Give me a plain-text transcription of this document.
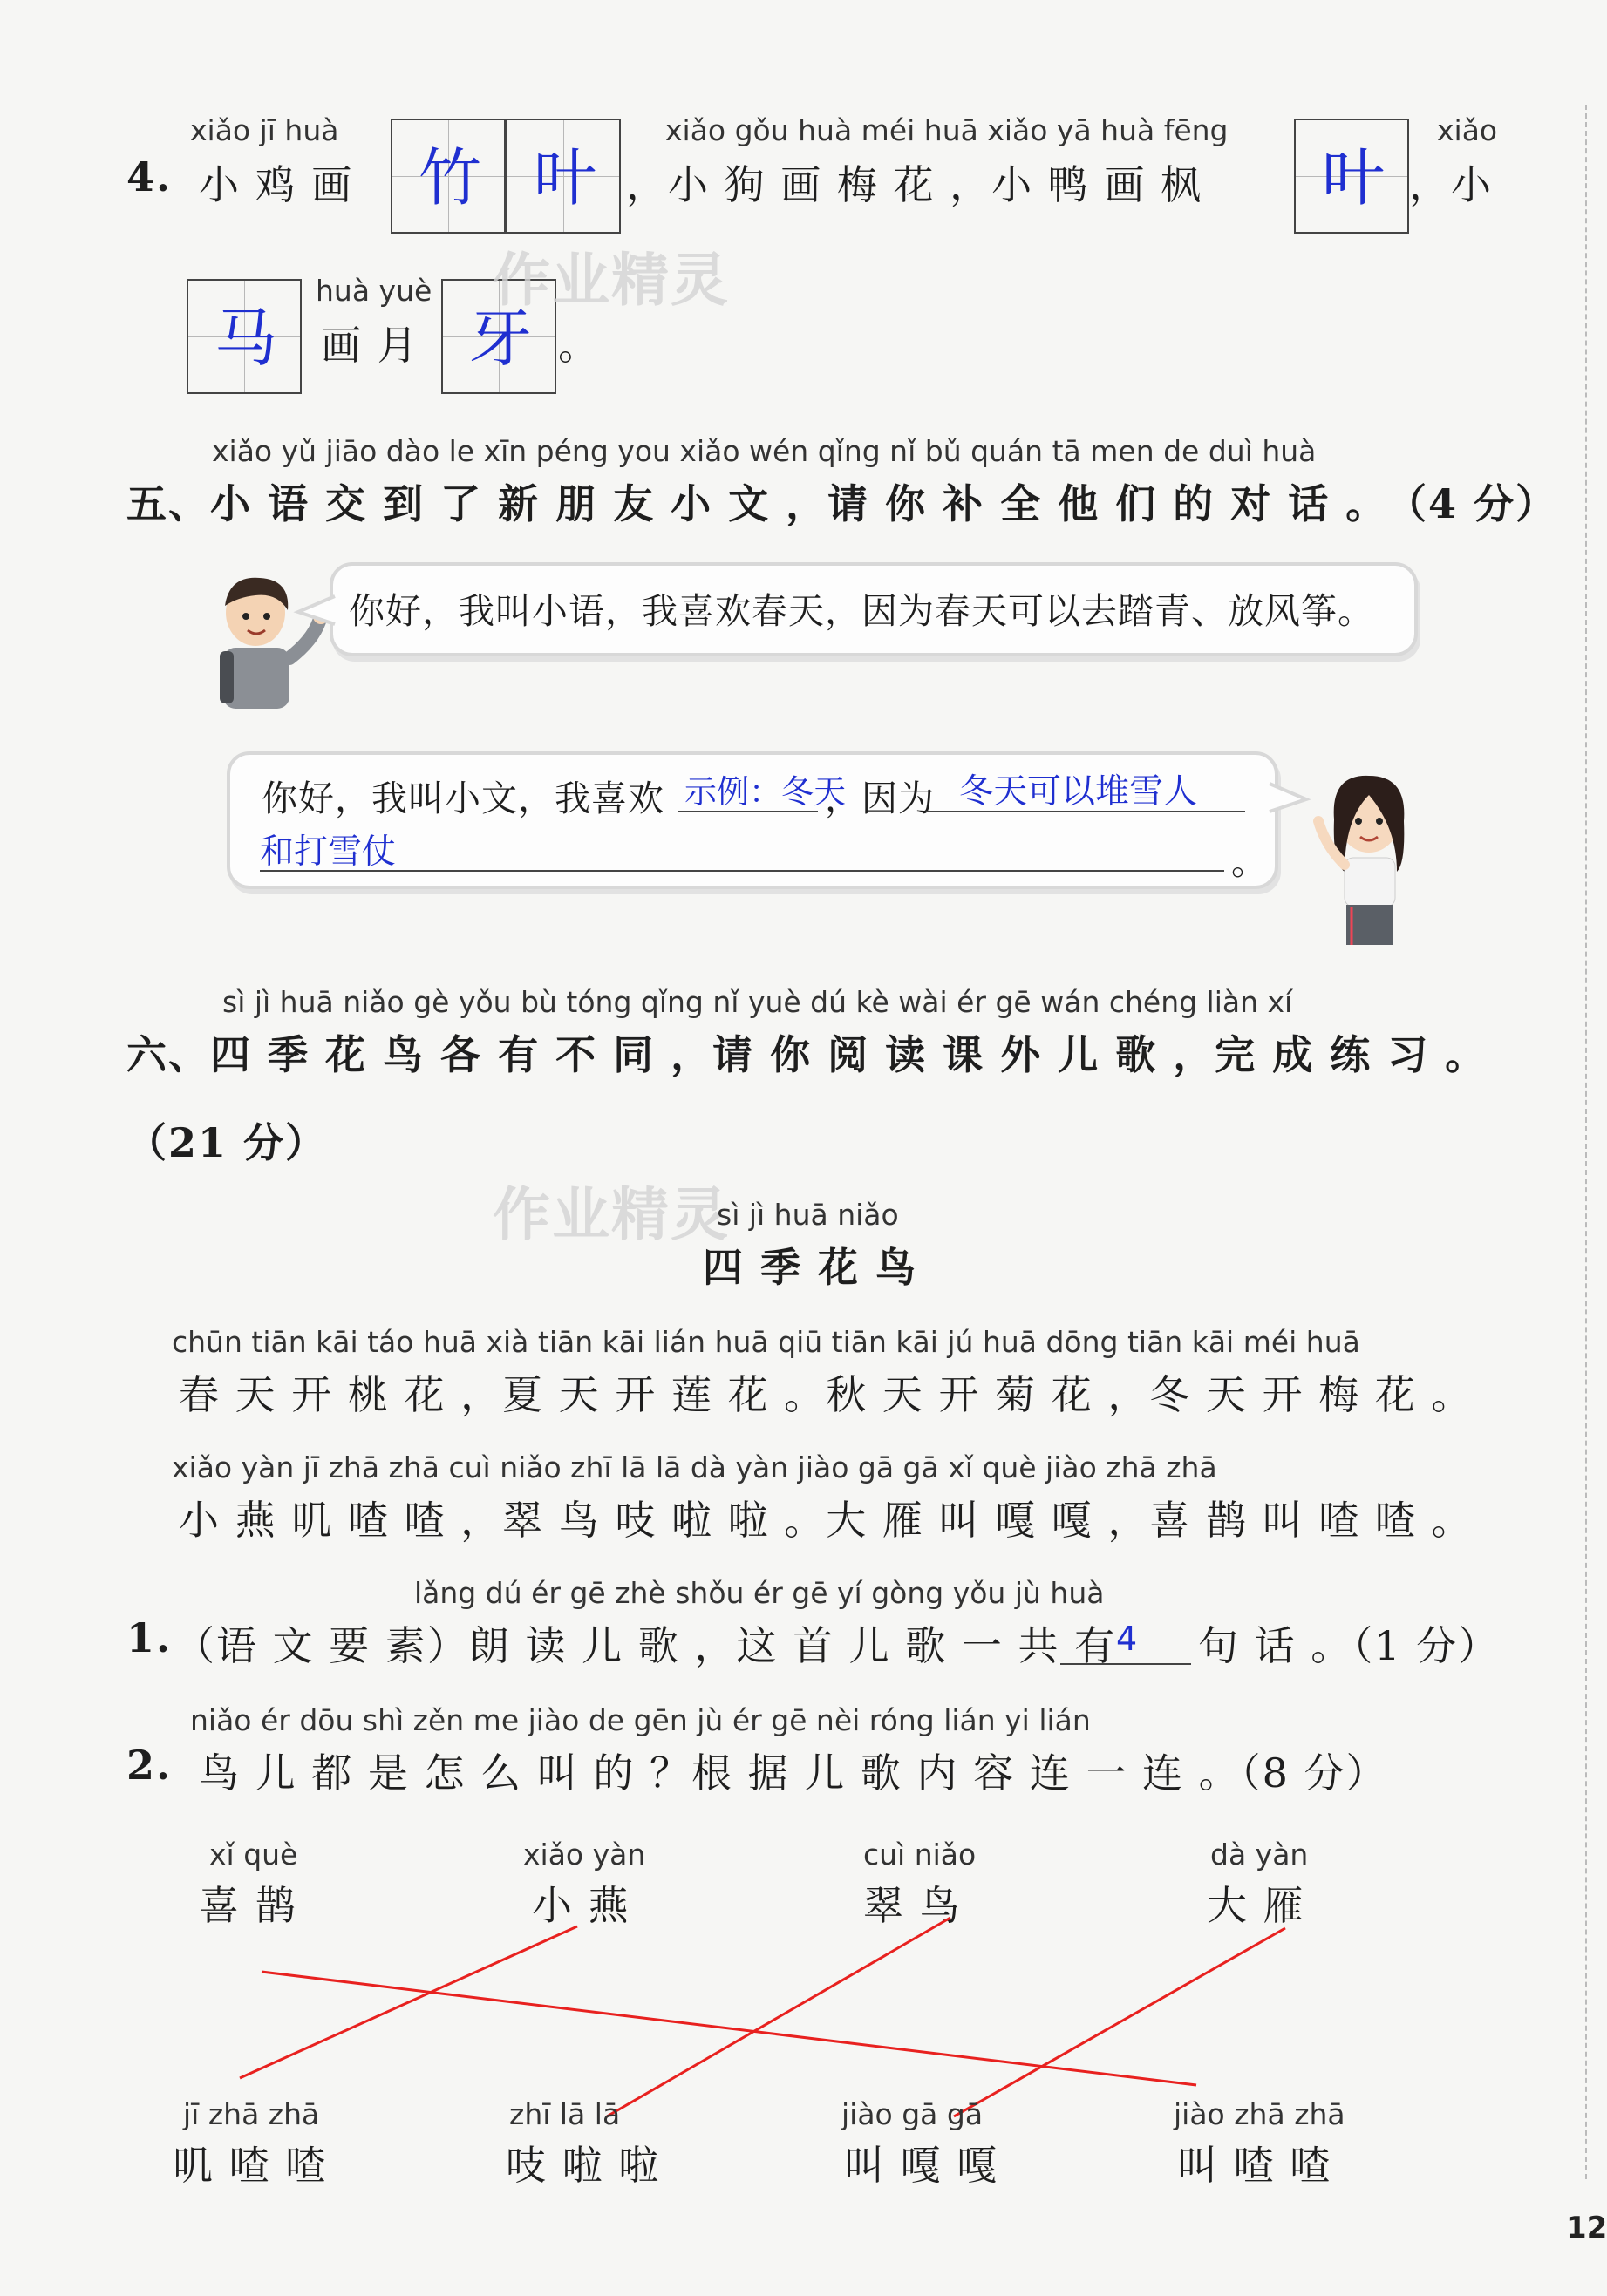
xiǎo jī huà
4. 小 鸡 画	竹 叶
xiǎo gǒu huà méi huā xiǎo yā huà fēng
，小 狗 画 梅 花 ，小 鸭 画 枫	叶
xiǎo
，小
马
huà yuè
画 月 牙 。
作业精灵
xiǎo yǔ jiāo dào le xīn péng you xiǎo wén qǐng nǐ bǔ quán tā men de duì huà
五、小 语 交 到 了 新 朋 友 小 文 ，请 你 补 全 他 们 的 对 话 。
（4 分）
你好，我叫小语，我喜欢春天，因为春天可以去踏青、放风筝。
你好，我叫小文，我喜欢 示例：冬天
，因为 冬天可以堆雪人
和打雪仗	。
sì jì huā niǎo gè yǒu bù tóng qǐng nǐ yuè dú kè wài ér gē wán chéng liàn xí
六、四 季 花 鸟 各 有 不 同 ，请 你 阅 读 课 外 儿 歌 ，完 成 练 习 。
（21 分）
作业精灵
sì jì huā niǎo
四 季 花 鸟
chūn tiān kāi táo huā xià tiān kāi lián huā qiū tiān kāi jú huā dōng tiān kāi méi huā
春 天 开 桃 花 ，夏 天 开 莲 花 。秋 天 开 菊 花 ，冬 天 开 梅 花 。
xiǎo yàn jī zhā zhā cuì niǎo zhī lā lā dà yàn jiào gā gā xǐ què jiào zhā zhā
小 燕 叽 喳 喳 ，翠 鸟 吱 啦 啦 。大 雁 叫 嘎 嘎 ，喜 鹊 叫 喳 喳 。
lǎng dú ér gē zhè shǒu ér gē yí gòng yǒu jù huà
1. （语 文 要 素）朗 读 儿 歌 ，这 首 儿 歌 一 共 有 4 句 话 。（1 分）
niǎo ér dōu shì zěn me jiào de gēn jù ér gē nèi róng lián yi lián
2. 鸟 儿 都 是 怎 么 叫 的 ？根 据 儿 歌 内 容 连 一 连 。（8 分）
xǐ què
喜 鹊
xiǎo yàn
小 燕
cuì niǎo
翠 鸟
dà yàn
大 雁
jī zhā zhā
叽 喳 喳
zhī lā lā
吱 啦 啦
jiào gā gā
叫 嘎 嘎
jiào zhā zhā
叫 喳 喳
12
